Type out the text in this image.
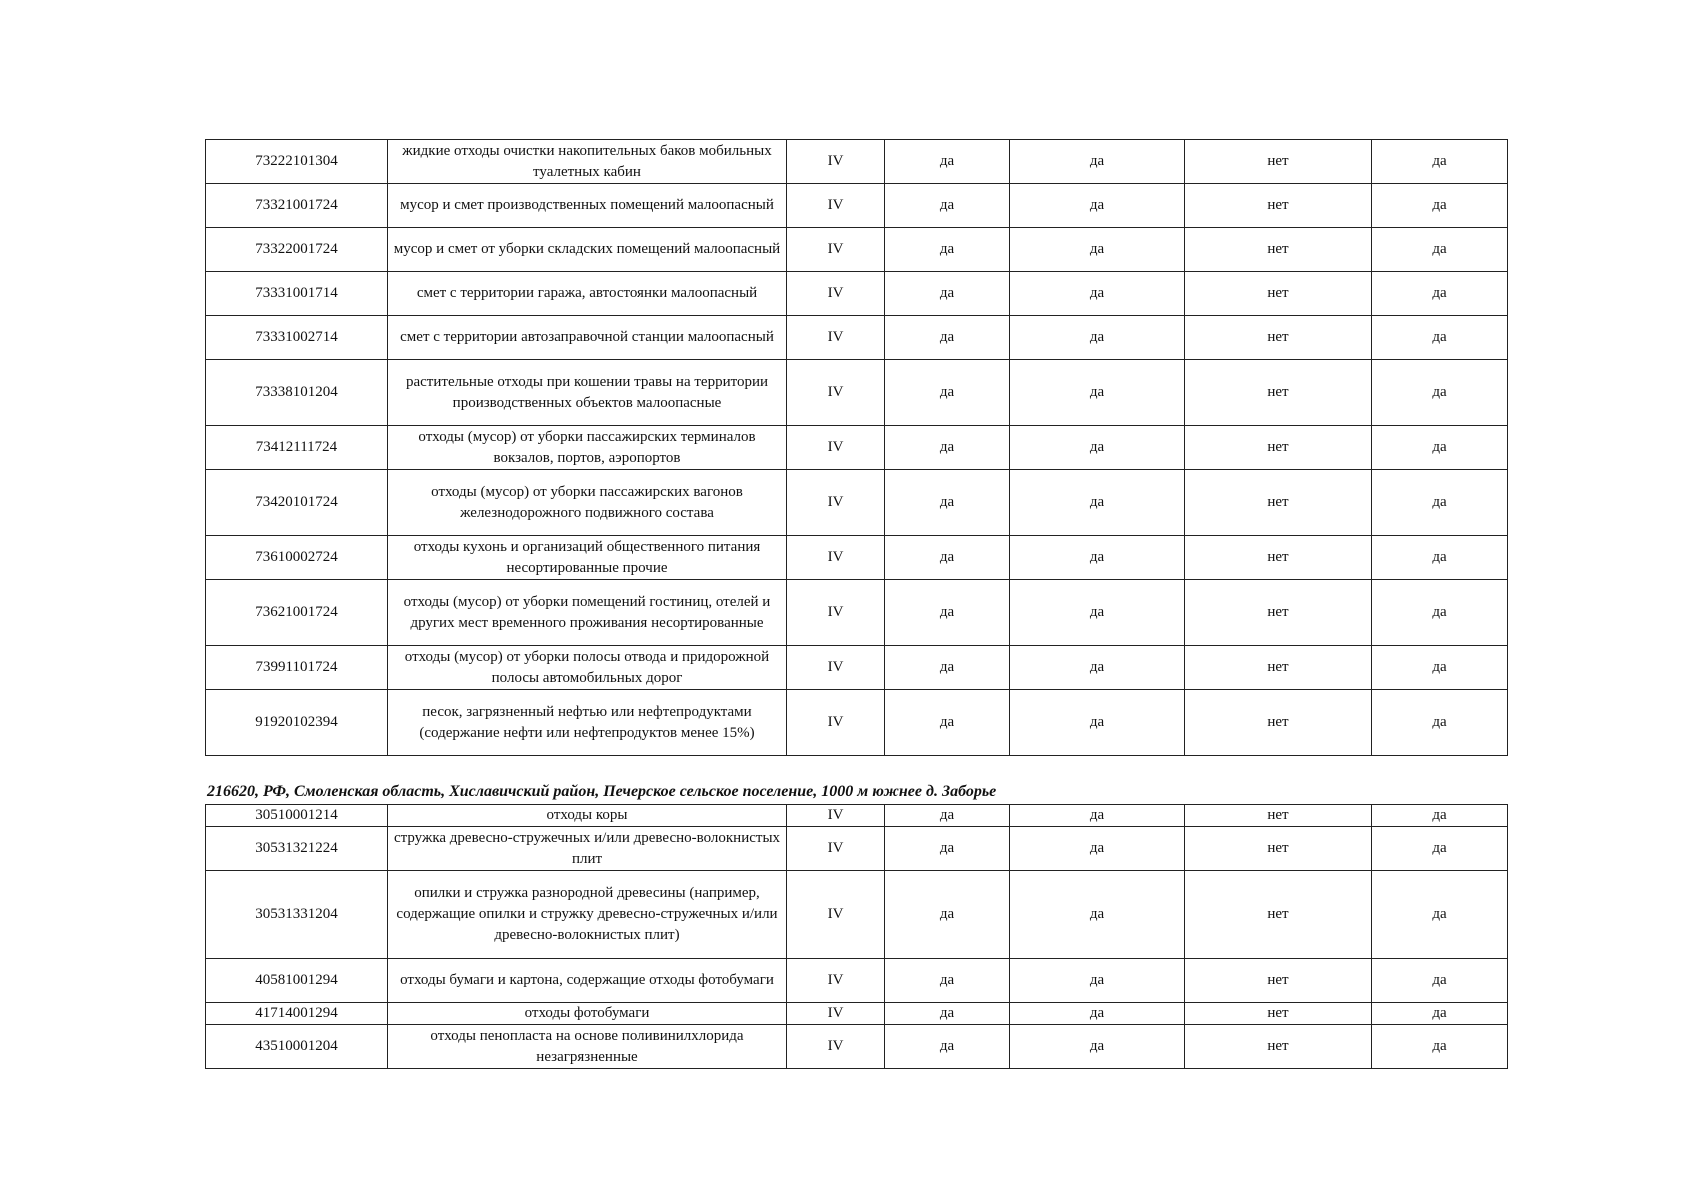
73222101304	жидкие отходы очистки накопительных баков мобильных туалетных кабин	IV	да	да	нет	да
73321001724	мусор и смет производственных помещений малоопасный	IV	да	да	нет	да
73322001724	мусор и смет от уборки складских помещений малоопасный	IV	да	да	нет	да
73331001714	смет с территории гаража, автостоянки малоопасный	IV	да	да	нет	да
73331002714	смет с территории автозаправочной станции малоопасный	IV	да	да	нет	да
73338101204	растительные отходы при кошении травы на территории производственных объектов малоопасные	IV	да	да	нет	да
73412111724	отходы (мусор) от уборки пассажирских терминалов вокзалов, портов, аэропортов	IV	да	да	нет	да
73420101724	отходы (мусор) от уборки пассажирских вагонов железнодорожного подвижного состава	IV	да	да	нет	да
73610002724	отходы кухонь и организаций общественного питания несортированные прочие	IV	да	да	нет	да
73621001724	отходы (мусор) от уборки помещений гостиниц, отелей и других мест временного проживания несортированные	IV	да	да	нет	да
73991101724	отходы (мусор) от уборки полосы отвода и придорожной полосы автомобильных дорог	IV	да	да	нет	да
91920102394	песок, загрязненный нефтью или нефтепродуктами (содержание нефти или нефтепродуктов менее 15%)	IV	да	да	нет	да
216620, РФ, Смоленская область, Хиславичский район, Печерское сельское поселение, 1000 м южнее д. Заборье
30510001214	отходы коры	IV	да	да	нет	да
30531321224	стружка древесно-стружечных и/или древесно-волокнистых плит	IV	да	да	нет	да
30531331204	опилки и стружка разнородной древесины (например, содержащие опилки и стружку древесно-стружечных и/или древесно-волокнистых плит)	IV	да	да	нет	да
40581001294	отходы бумаги и картона, содержащие отходы фотобумаги	IV	да	да	нет	да
41714001294	отходы фотобумаги	IV	да	да	нет	да
43510001204	отходы пенопласта на основе поливинилхлорида незагрязненные	IV	да	да	нет	да
